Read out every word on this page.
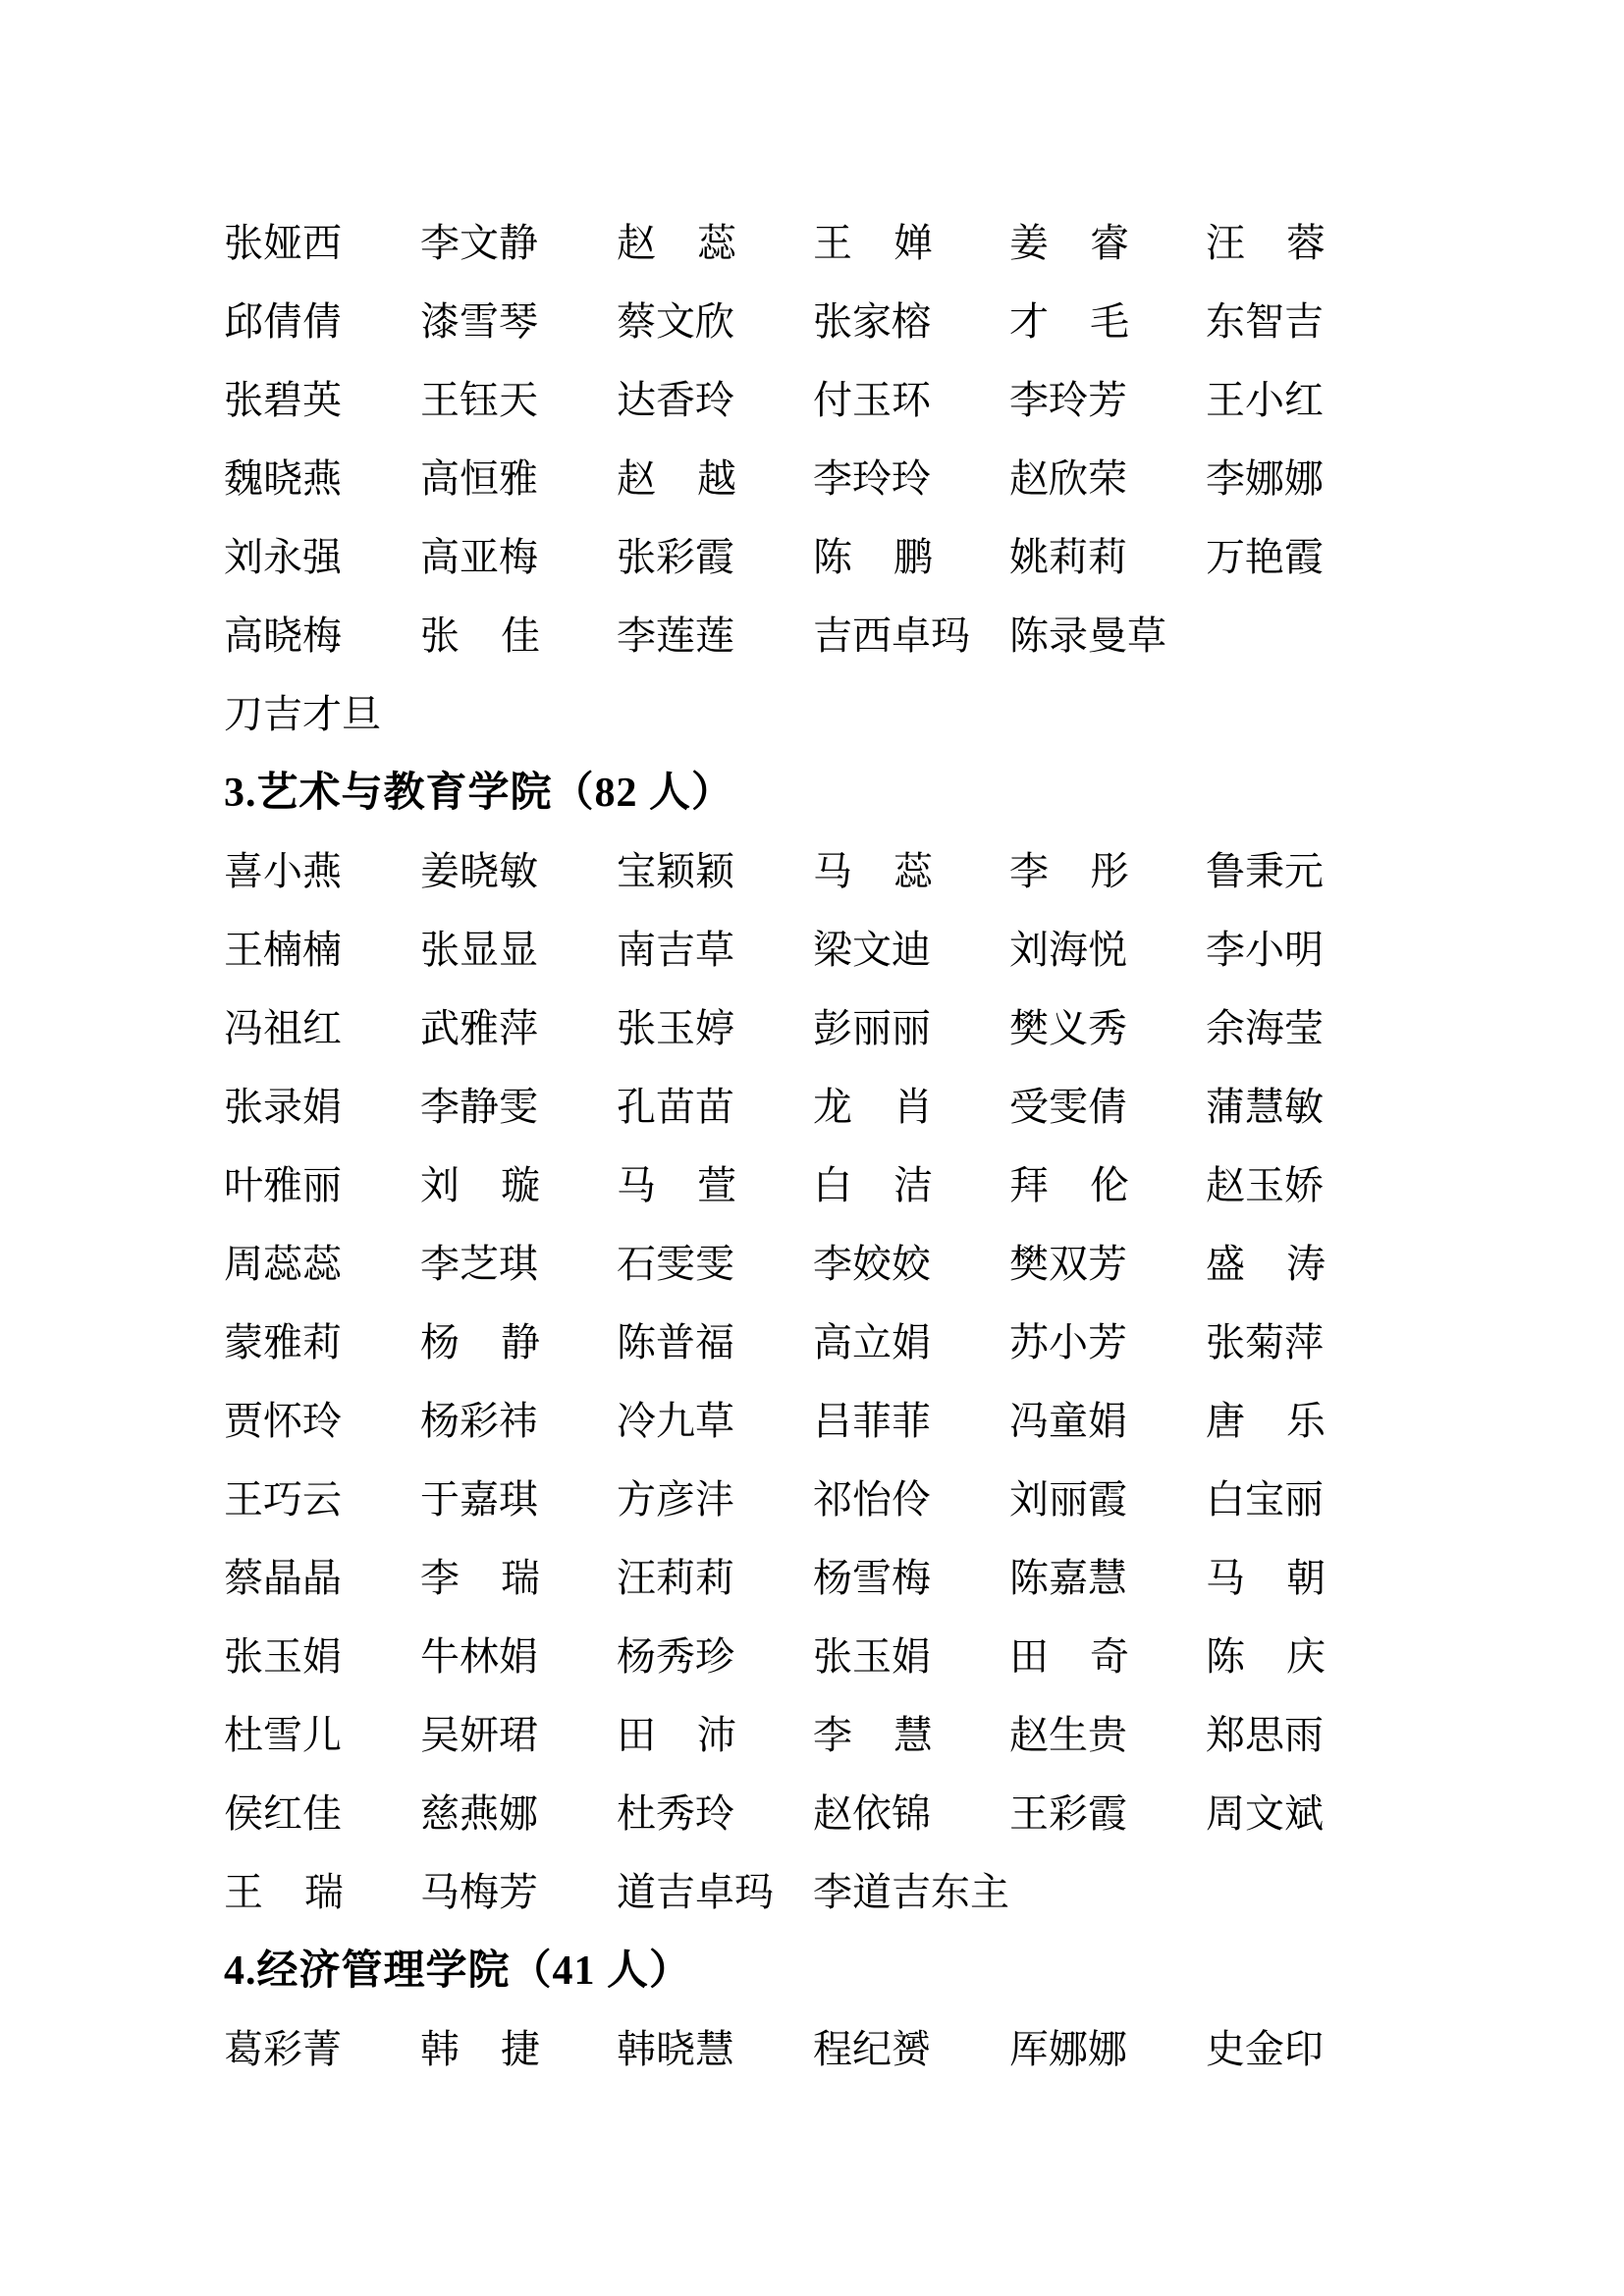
张娅西 李文静 赵 蕊 王 婵 姜 睿 汪 蓉
邱倩倩 漆雪琴 蔡文欣 张家榕 才 毛 东智吉
张碧英 王钰天 达香玲 付玉环 李玲芳 王小红
魏晓燕 高恒雅 赵 越 李玲玲 赵欣荣 李娜娜
刘永强 高亚梅 张彩霞 陈 鹏 姚莉莉 万艳霞
高晓梅 张 佳 李莲莲 吉西卓玛 陈录曼草
刀吉才旦
3.艺术与教育学院（82 人）
喜小燕 姜晓敏 宝颖颖 马 蕊 李 彤 鲁秉元
王楠楠 张显显 南吉草 梁文迪 刘海悦 李小明
冯祖红 武雅萍 张玉婷 彭丽丽 樊义秀 余海莹
张录娟 李静雯 孔苗苗 龙 肖 受雯倩 蒲慧敏
叶雅丽 刘 璇 马 萱 白 洁 拜 伦 赵玉娇
周蕊蕊 李芝琪 石雯雯 李姣姣 樊双芳 盛 涛
蒙雅莉 杨 静 陈普福 高立娟 苏小芳 张菊萍
贾怀玲 杨彩祎 冷九草 吕菲菲 冯童娟 唐 乐
王巧云 于嘉琪 方彦沣 祁怡伶 刘丽霞 白宝丽
蔡晶晶 李 瑞 汪莉莉 杨雪梅 陈嘉慧 马 朝
张玉娟 牛林娟 杨秀珍 张玉娟 田 奇 陈 庆
杜雪儿 吴妍珺 田 沛 李 慧 赵生贵 郑思雨
侯红佳 慈燕娜 杜秀玲 赵依锦 王彩霞 周文斌
王 瑞 马梅芳 道吉卓玛 李道吉东主
4.经济管理学院（41 人）
葛彩菁 韩 捷 韩晓慧 程纪赟 厍娜娜 史金印
